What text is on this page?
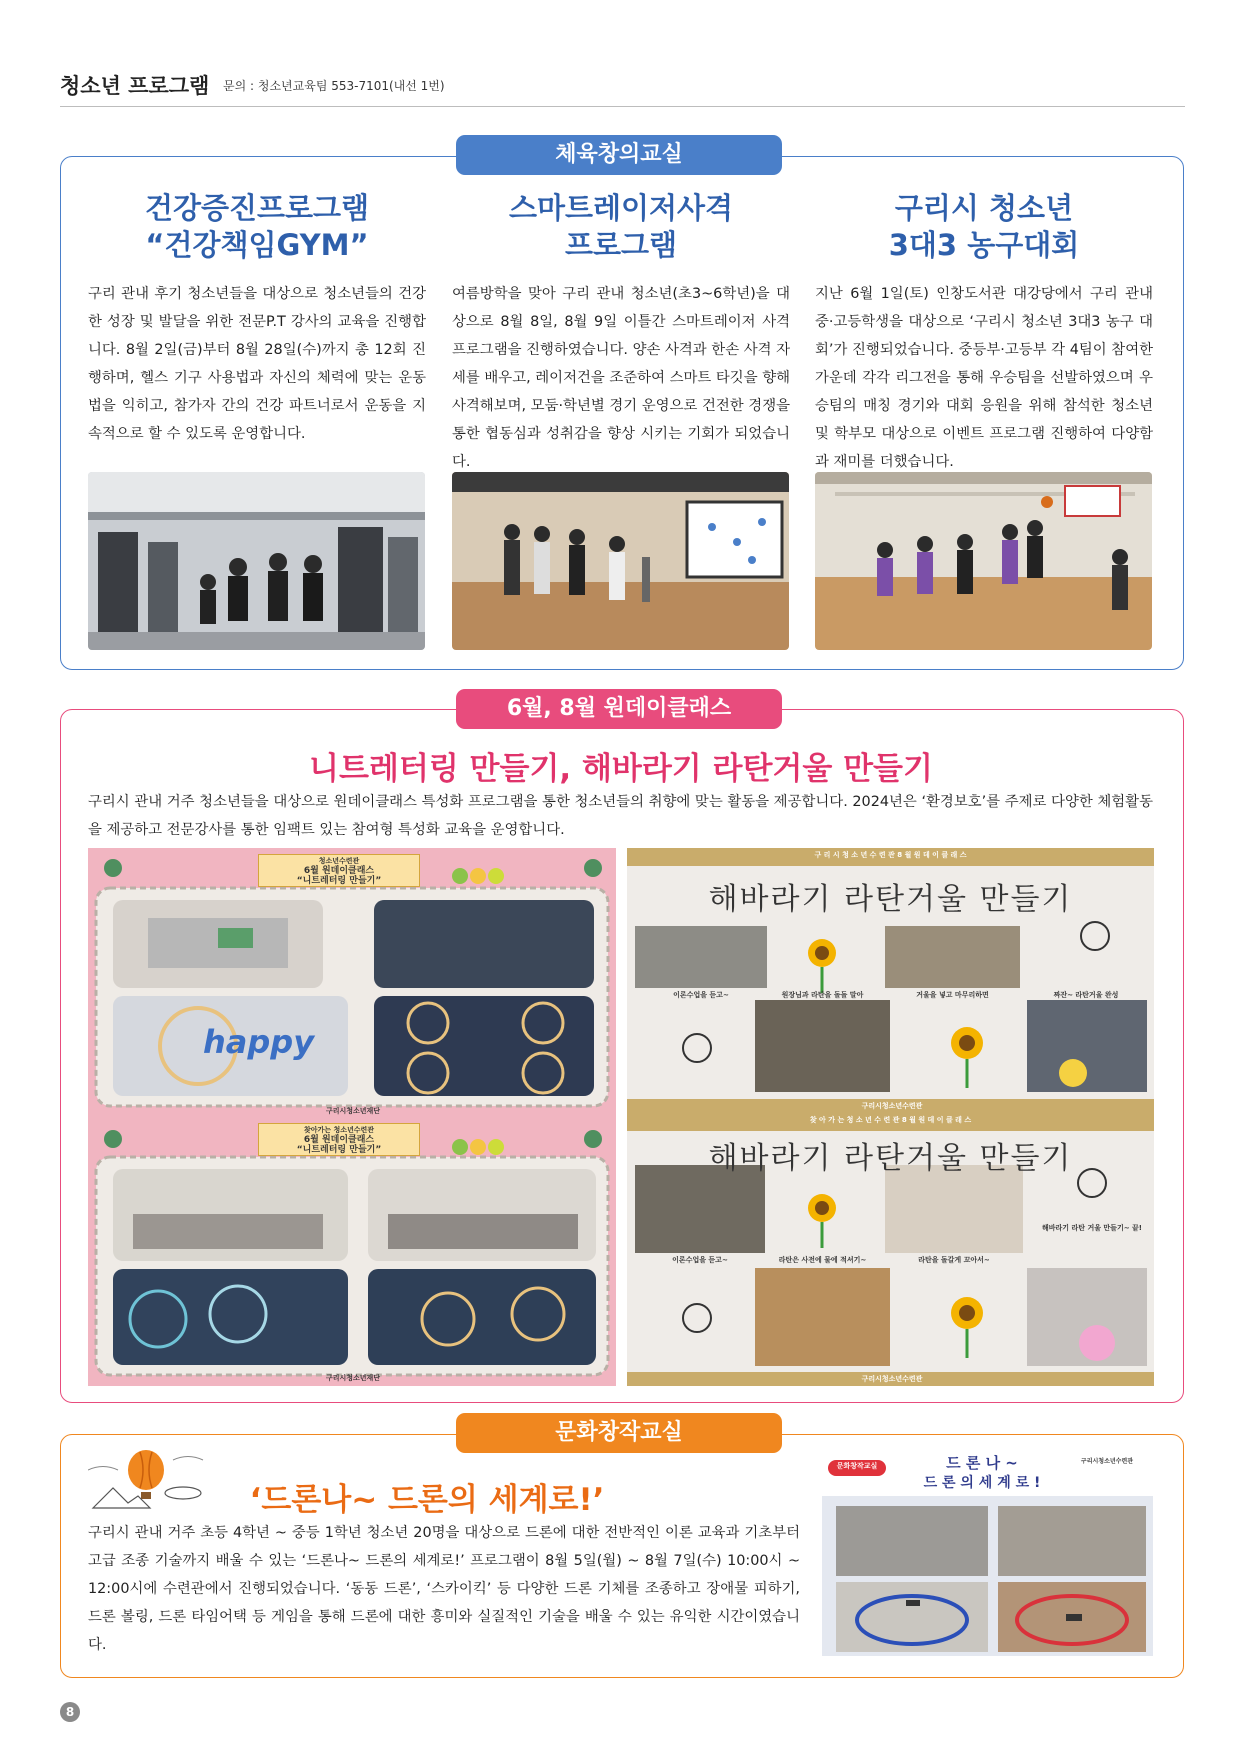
청소년 프로그램 문의 : 청소년교육팀 553-7101(내선 1번)
체육창의교실
건강증진프로그램
“건강책임GYM”
구리 관내 후기 청소년들을 대상으로 청소년들의 건강한 성장 및 발달을 위한 전문P.T 강사의 교육을 진행합니다. 8월 2일(금)부터 8월 28일(수)까지 총 12회 진행하며, 헬스 기구 사용법과 자신의 체력에 맞는 운동법을 익히고, 참가자 간의 건강 파트너로서 운동을 지속적으로 할 수 있도록 운영합니다.
스마트레이저사격
프로그램
여름방학을 맞아 구리 관내 청소년(초3~6학년)을 대상으로 8월 8일, 8월 9일 이틀간 스마트레이저 사격 프로그램을 진행하였습니다. 양손 사격과 한손 사격 자세를 배우고, 레이저건을 조준하여 스마트 타깃을 향해 사격해보며, 모둠·학년별 경기 운영으로 건전한 경쟁을 통한 협동심과 성취감을 향상 시키는 기회가 되었습니다.
구리시 청소년
3대3 농구대회
지난 6월 1일(토) 인창도서관 대강당에서 구리 관내 중·고등학생을 대상으로 ‘구리시 청소년 3대3 농구 대회’가 진행되었습니다. 중등부·고등부 각 4팀이 참여한 가운데 각각 리그전을 통해 우승팀을 선발하였으며 우승팀의 매칭 경기와 대회 응원을 위해 참석한 청소년 및 학부모 대상으로 이벤트 프로그램 진행하여 다양함과 재미를 더했습니다.
6월, 8월 원데이클래스
니트레터링 만들기, 해바라기 라탄거울 만들기
구리시 관내 거주 청소년들을 대상으로 원데이클래스 특성화 프로그램을 통한 청소년들의 취향에 맞는 활동을 제공합니다. 2024년은 ‘환경보호’를 주제로 다양한 체험활동을 제공하고 전문강사를 통한 임팩트 있는 참여형 특성화 교육을 운영합니다.
청소년수련관
6월 원데이클래스
“니트레터링 만들기”
happy
구리시청소년재단
찾아가는 청소년수련관
6월 원데이클래스
“니트레터링 만들기”
구리시청소년재단
구 리 시 청 소 년 수 련 관 8 월 원 데 이 클 래 스
해바라기 라탄거울 만들기
이론수업을 듣고~	원장님과 라탄을 돌돌 말아	거울을 넣고 마무리하면	짜잔~ 라탄거울 완성
구리시청소년수련관
찾 아 가 는 청 소 년 수 련 관 8 월 원 데 이 클 래 스
해바라기 라탄거울 만들기
이론수업을 듣고~	라탄은 사전에 물에 적셔기~	라탄을 돌갈게 꼬아서~
해바라기 라탄 거울 만들기~ 끝!
구리시청소년수련관
문화창작교실
‘드론나~ 드론의 세계로!’
구리시 관내 거주 초등 4학년 ~ 중등 1학년 청소년 20명을 대상으로 드론에 대한 전반적인 이론 교육과 기초부터 고급 조종 기술까지 배울 수 있는 ‘드론나~ 드론의 세계로!’ 프로그램이 8월 5일(월) ~ 8월 7일(수) 10:00시 ~ 12:00시에 수련관에서 진행되었습니다. ‘동동 드론’, ‘스카이킥’ 등 다양한 드론 기체를 조종하고 장애물 피하기, 드론 볼링, 드론 타임어택 등 게임을 통해 드론에 대한 흥미와 실질적인 기술을 배울 수 있는 유익한 시간이였습니다.
문화창작교실	드 론 나 ~
드 론 의 세 계 로 !
구리시청소년수련관
8
